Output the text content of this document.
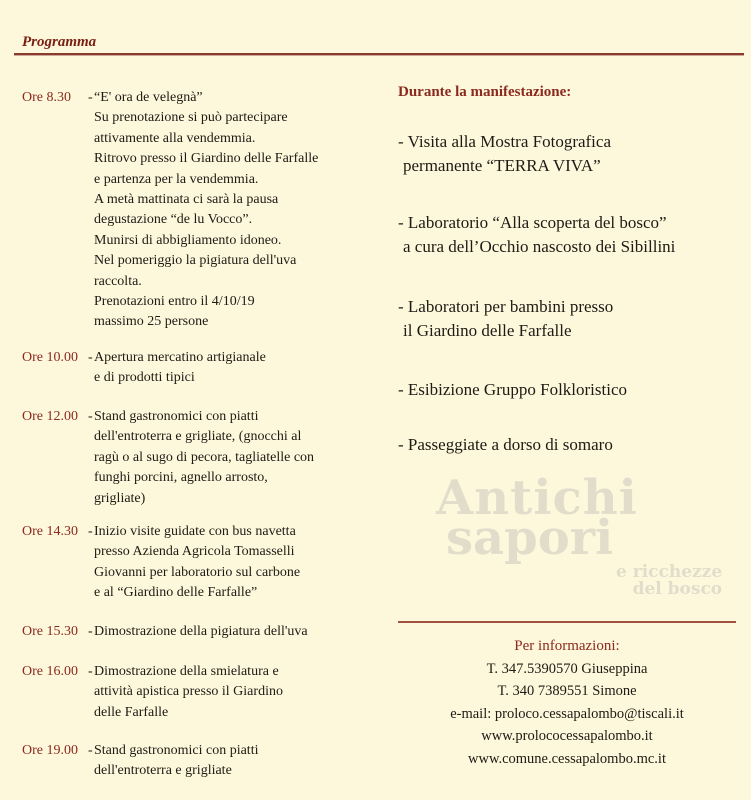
Programma
Ore 8.30	- “E' ora de velegnà”
Su prenotazione si può partecipare
attivamente alla vendemmia.
Ritrovo presso il Giardino delle Farfalle
e partenza per la vendemmia.
A metà mattinata ci sarà la pausa
degustazione “de lu Vocco”.
Munirsi di abbigliamento idoneo.
Nel pomeriggio la pigiatura dell'uva
raccolta.
Prenotazioni entro il 4/10/19
massimo 25 persone
Ore 10.00 - Apertura mercatino artigianale
e di prodotti tipici
Ore 12.00 - Stand gastronomici con piatti
dell'entroterra e grigliate, (gnocchi al
ragù o al sugo di pecora, tagliatelle con
funghi porcini, agnello arrosto,
grigliate)
Ore 14.30 - Inizio visite guidate con bus navetta
presso Azienda Agricola Tomasselli
Giovanni per laboratorio sul carbone
e al “Giardino delle Farfalle”
Ore 15.30 - Dimostrazione della pigiatura dell'uva
Ore 16.00 - Dimostrazione della smielatura e
attività apistica presso il Giardino
delle Farfalle
Ore 19.00 - Stand gastronomici con piatti
dell'entroterra e grigliate
Durante la manifestazione:
- Visita alla Mostra Fotografica
permanente “TERRA VIVA”
- Laboratorio “Alla scoperta del bosco”
a cura dell’Occhio nascosto dei Sibillini
- Laboratori per bambini presso
il Giardino delle Farfalle
- Esibizione Gruppo Folkloristico
- Passeggiate a dorso di somaro
Antichi
sapori
e ricchezze
del bosco
Per informazioni:
T. 347.5390570 Giuseppina
T. 340 7389551 Simone
e-mail: proloco.cessapalombo@tiscali.it
www.prolococessapalombo.it
www.comune.cessapalombo.mc.it
